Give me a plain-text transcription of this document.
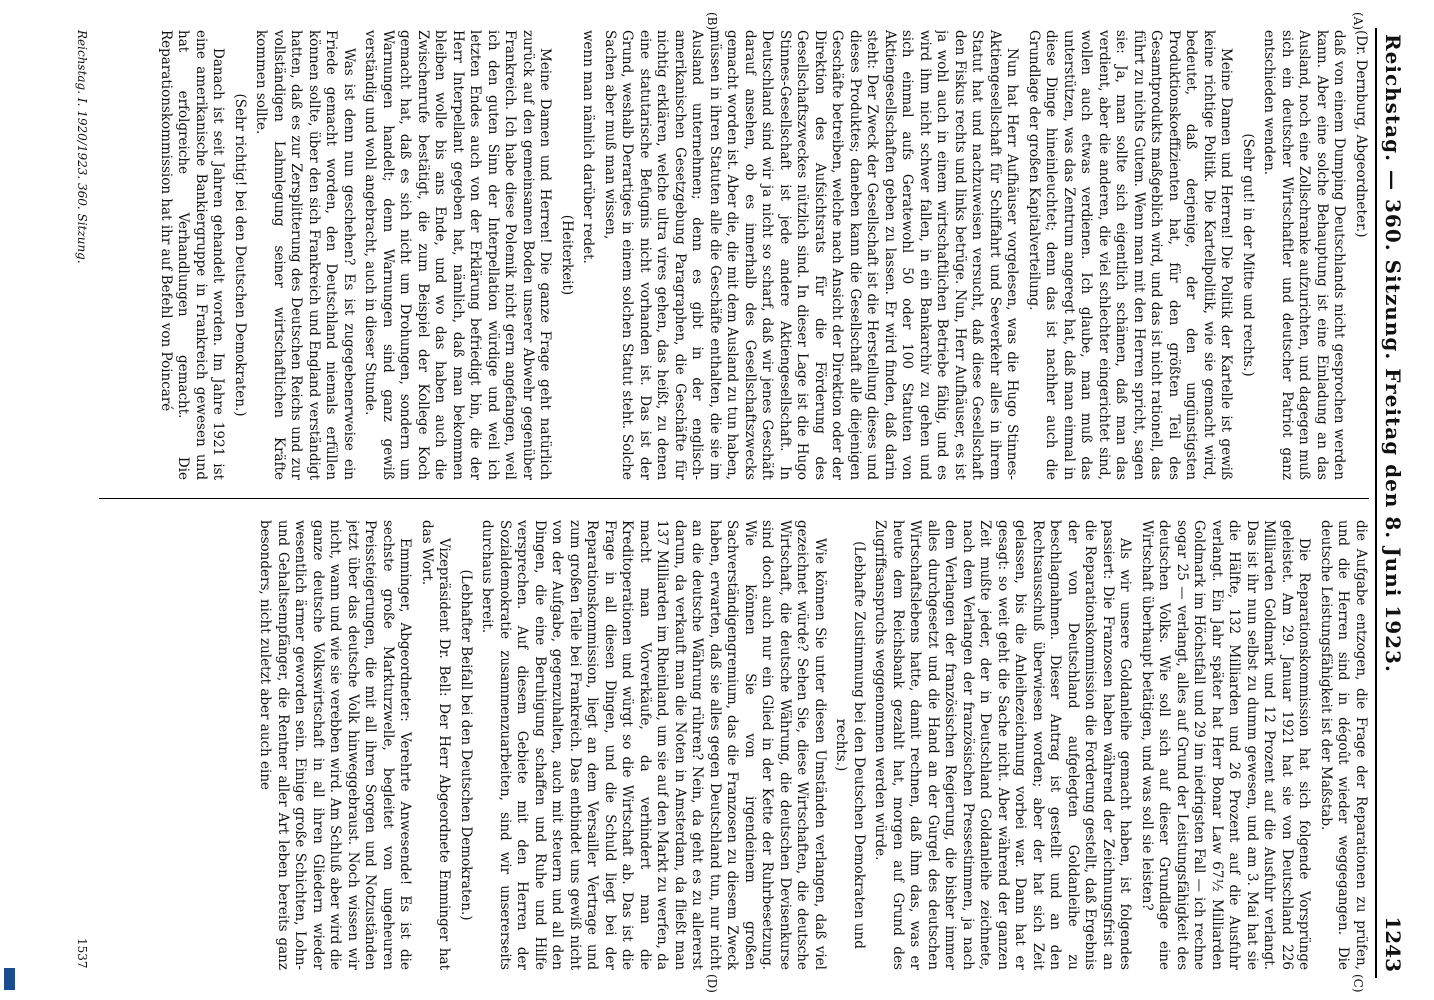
Reichstag. — 360. Sitzung. Freitag den 8. Juni 1923.
1243
(A)
(B)
(C)
(D)

(Dr. Dernburg, Abgeordneter.)

daß von einem Dumping Deutschlands nicht gesprochen werden kann. Aber eine solche Behauptung ist eine Einladung an das Ausland, noch eine Zollschranke aufzurichten, und dagegen muß sich ein deutscher Wirtschaftler und deutscher Patriot ganz entschieden wenden.

(Sehr gut! in der Mitte und rechts.)

Meine Damen und Herren! Die Politik der Kartelle ist gewiß keine richtige Politik. Die Kartellpolitik, wie sie gemacht wird, bedeutet, daß derjenige, der den ungünstigsten Produktionskoeffizienten hat, für den größten Teil des Gesamtprodukts maßgeblich wird, und das ist nicht rationell, das führt zu nichts Gutem. Wenn man mit den Herren spricht, sagen sie: Ja, man sollte sich eigentlich schämen, daß man das verdient, aber die anderen, die viel schlechter eingerichtet sind, wollen auch etwas verdienen. Ich glaube, man muß das unterstützen, was das Zentrum angeregt hat, daß man einmal in diese Dinge hineinleuchtet; denn das ist nachher auch die Grundlage der großen Kapitalverteilung.

Nun hat Herr Aufhäuser vorgelesen, was die Hugo Stinnes-Aktiengesellschaft für Schiffahrt und Seeverkehr alles in ihrem Statut hat und nachzuweisen versucht, daß diese Gesellschaft den Fiskus rechts und links betrüge. Nun, Herr Aufhäuser, es ist ja wohl auch in einem wirtschaftlichen Betriebe fähig, und es wird ihm nicht schwer fallen, in ein Bankarchiv zu gehen und sich einmal aufs Geratewohl 50 oder 100 Statuten von Aktiengesellschaften geben zu lassen. Er wird finden, daß darin steht: Der Zweck der Gesellschaft ist die Herstellung dieses und dieses Produktes; daneben kann die Gesellschaft alle diejenigen Geschäfte betreiben, welche nach Ansicht der Direktion oder der Direktion des Aufsichtsrats für die Förderung des Gesellschaftszweckes nützlich sind. In dieser Lage ist die Hugo Stinnes-Gesellschaft ist jede andere Aktiengesellschaft. In Deutschland sind wir ja nicht so scharf, daß wir jenes Geschäft darauf ansehen, ob es innerhalb des Gesellschaftszwecks gemacht worden ist. Aber die, die mit dem Ausland zu tun haben, müssen in ihren Statuten alle die Geschäfte enthalten, die sie im Ausland unternehmen; denn es gibt in der englisch-amerikanischen Gesetzgebung Paragraphen, die Geschäfte für nichtig erklären, welche ultra vires gehen, das heißt, zu denen eine statutarische Befugnis nicht vorhanden ist. Das ist der Grund, weshalb Derartiges in einem solchen Statut steht. Solche Sachen aber muß man wissen,

wenn man nämlich darüber redet.

(Heiterkeit)

Meine Damen und Herren! Die ganze Frage geht natürlich zurück auf den gemeinsamen Boden unserer Abwehr gegenüber Frankreich. Ich habe diese Polemik nicht gern angefangen, weil ich den guten Sinn der Interpellation würdige und weil ich letzten Endes auch von der Erklärung befriedigt bin, die der Herr Interpellant gegeben hat, nämlich, daß man bekommen bleiben wolle bis ans Ende, und wo das haben auch die Zwischenrufe bestätigt, die zum Beispiel der Kollege Koch gemacht hat, daß es sich nicht um Drohungen, sondern um Warnungen handelt; denn Warnungen sind ganz gewiß verständig und wohl angebracht, auch in dieser Stunde.

Was ist denn nun geschehen? Es ist zugegebenerweise ein Friede gemacht worden, den Deutschland niemals erfüllen können sollte, über den sich Frankreich und England verständigt hatten, daß es zur Zersplitterung des Deutschen Reichs und zur vollständigen Lahmlegung seiner wirtschaftlichen Kräfte kommen sollte.

(Sehr richtig! bei den Deutschen Demokraten.)

Danach ist seit Jahren gehandelt worden. Im Jahre 1921 ist eine amerikanische Bankiergruppe in Frankreich gewesen und hat erfolgreiche Verhandlungen gemacht. Die Reparationskommission hat ihr auf Befehl von Poincaré

die Aufgabe entzogen, die Frage der Reparationen zu prüfen, und die Herren sind in dégoût wieder weggegangen. Die deutsche Leistungsfähigkeit ist der Maßstab.

Die Reparationskommission hat sich folgende Vorsprünge geleistet. Am 29. Januar 1921 hat sie von Deutschland 226 Milliarden Goldmark und 12 Prozent auf die Ausfuhr verlangt. Das ist ihr nun selbst zu dumm gewesen, und am 3. Mai hat sie die Hälfte, 132 Milliarden und 26 Prozent auf die Ausfuhr verlangt. Ein Jahr später hat Herr Bonar Law 67½ Milliarden Goldmark im Höchstfall und 29 im niedrigsten Fall — ich rechne sogar 25 — verlangt, alles auf Grund der Leistungsfähigkeit des deutschen Volks. Wie soll sich auf dieser Grundlage eine Wirtschaft überhaupt betätigen, und was soll sie leisten?

Als wir unsere Goldanleihe gemacht haben, ist folgendes passiert: Die Franzosen haben während der Zeichnungsfrist an die Reparationskommission die Forderung gestellt, daß Ergebnis der von Deutschland aufgelegten Goldanleihe zu beschlagnahmen. Dieser Antrag ist gestellt und an den Rechtsausschuß überwiesen worden; aber der hat sich Zeit gelassen, bis die Anleihezeichnung vorbei war. Dann hat er gesagt: so weit geht die Sache nicht. Aber während der ganzen Zeit mußte jeder, der in Deutschland Goldanleihe zeichnete, nach dem Verlangen der französischen Pressestimmen, ja nach dem Verlangen der französischen Regierung, die bisher immer alles durchgesetzt und die Hand an der Gurgel des deutschen Wirtschaftslebens hatte, damit rechnen, daß ihm das, was er heute dem Reichsbank gezahlt hat, morgen auf Grund des Zugriffsanspruchs weggenommen werden würde.

(Lebhafte Zustimmung bei den Deutschen Demokraten und rechts.)

Wie können Sie unter diesen Umständen verlangen, daß viel gezeichnet würde? Sehen Sie, diese Wirtschaften, die deutsche Wirtschaft, die deutsche Währung, die deutschen Devisenkurse sind doch auch nur ein Glied in der Kette der Ruhrbesetzung. Wie können Sie von irgendeinem großen Sachverständigengremium, das die Franzosen zu diesem Zweck haben, erwarten, daß sie alles gegen Deutschland tun, nur nicht an die deutsche Währung rühren? Nein, da geht es zu allererst darum, da verkauft man die Noten in Amsterdam, da fließt man 137 Milliarden im Rheinland, um sie auf den Markt zu werfen, da macht man Vorverkäufe, da verhindert man die Kreditoperationen und würgt so die Wirtschaft ab. Das ist die Frage in all diesen Dingen, und die Schuld liegt bei der Reparationskommission, liegt an dem Versailler Vertrage und zum großen Teile bei Frankreich. Das entbindet uns gewiß nicht von der Aufgabe, gegenzuhalten, auch mit steuern und all den Dingen, die eine Beruhigung schaffen und Ruhe und Hilfe versprechen. Auf diesem Gebiete mit den Herren der Sozialdemokratie zusammenzuarbeiten, sind wir unsererseits durchaus bereit.

(Lebhafter Beifall bei den Deutschen Demokraten.)

Vizepräsident Dr. Bell: Der Herr Abgeordnete Emminger hat das Wort.

Emminger, Abgeordneter: Verehrte Anwesende! Es ist die sechste große Markturzwelle, begleitet von ungeheuren Preissteigerungen, die mit all ihren Sorgen und Notzuständen jetzt über das deutsche Volk hinweggebraust. Noch wissen wir nicht, wann und wie sie verebben wird. Am Schluß aber wird die ganze deutsche Volkswirtschaft in all ihren Gliedern wieder wesentlich ärmer geworden sein. Einige große Schichten, Lohn- und Gehaltsempfänger, die Rentner aller Art leben bereits ganz besonders, nicht zuletzt aber auch eine

Reichstag. I. 1920/1923. 360. Sitzung.
1537
